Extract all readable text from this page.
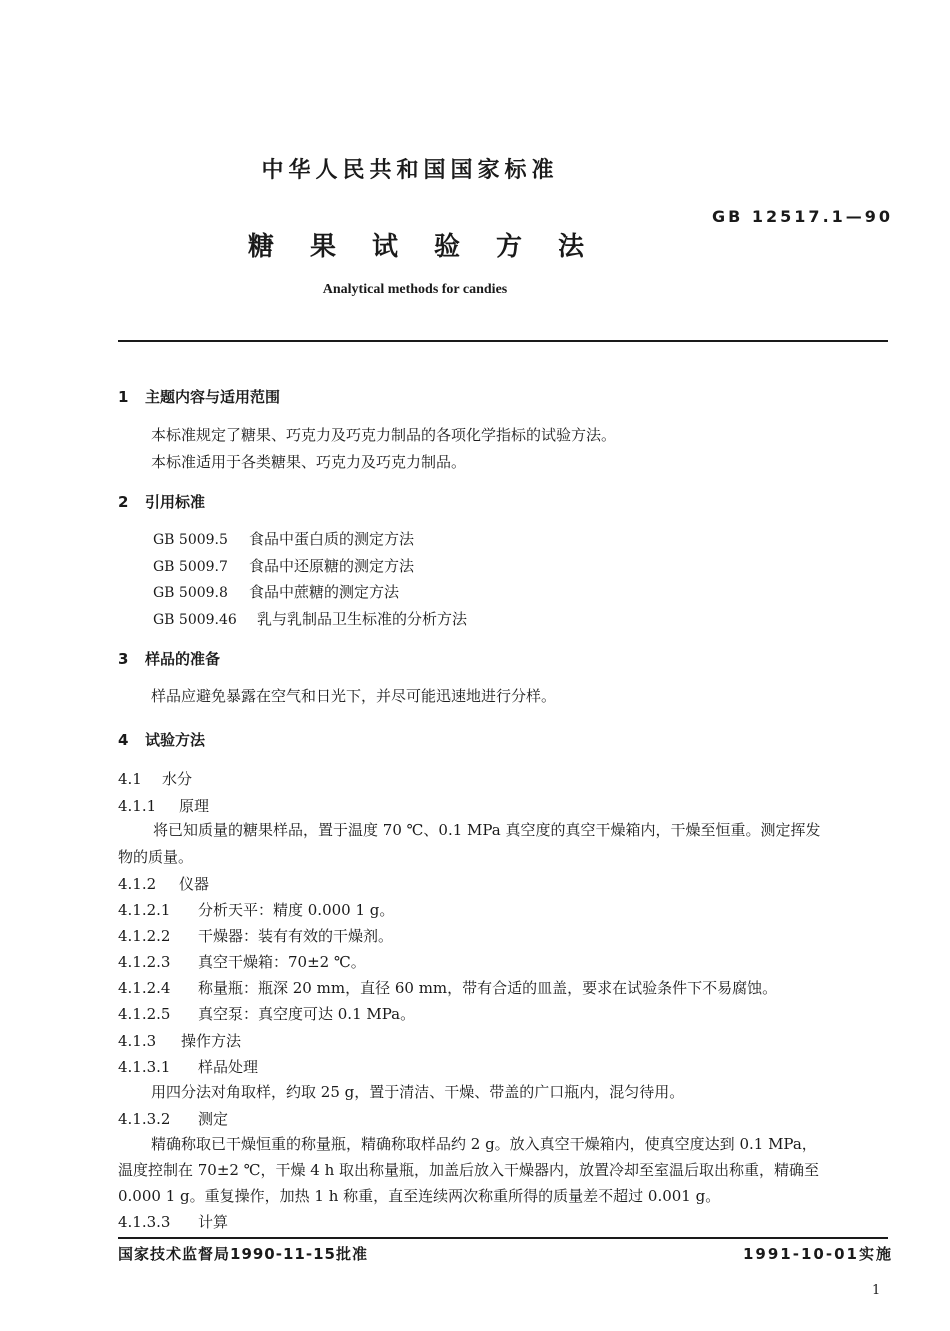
中华人民共和国国家标准
GB 12517.1—90
糖果试验方法
Analytical methods for candies
1 主题内容与适用范围
本标准规定了糖果、巧克力及巧克力制品的各项化学指标的试验方法。
本标准适用于各类糖果、巧克力及巧克力制品。
2 引用标准
GB 5009.5 食品中蛋白质的测定方法
GB 5009.7 食品中还原糖的测定方法
GB 5009.8 食品中蔗糖的测定方法
GB 5009.46 乳与乳制品卫生标准的分析方法
3 样品的准备
样品应避免暴露在空气和日光下，并尽可能迅速地进行分样。
4 试验方法
4.1 水分
4.1.1 原理
将已知质量的糖果样品，置于温度 70 ℃、0.1 MPa 真空度的真空干燥箱内，干燥至恒重。测定挥发
物的质量。
4.1.2 仪器
4.1.2.1 分析天平：精度 0.000 1 g。
4.1.2.2 干燥器：装有有效的干燥剂。
4.1.2.3 真空干燥箱：70±2 ℃。
4.1.2.4 称量瓶：瓶深 20 mm，直径 60 mm，带有合适的皿盖，要求在试验条件下不易腐蚀。
4.1.2.5 真空泵：真空度可达 0.1 MPa。
4.1.3 操作方法
4.1.3.1 样品处理
用四分法对角取样，约取 25 g，置于清洁、干燥、带盖的广口瓶内，混匀待用。
4.1.3.2 测定
精确称取已干燥恒重的称量瓶，精确称取样品约 2 g。放入真空干燥箱内，使真空度达到 0.1 MPa，
温度控制在 70±2 ℃，干燥 4 h 取出称量瓶，加盖后放入干燥器内，放置冷却至室温后取出称重，精确至
0.000 1 g。重复操作，加热 1 h 称重，直至连续两次称重所得的质量差不超过 0.001 g。
4.1.3.3 计算
国家技术监督局1990-11-15批准	1991-10-01实施
1
